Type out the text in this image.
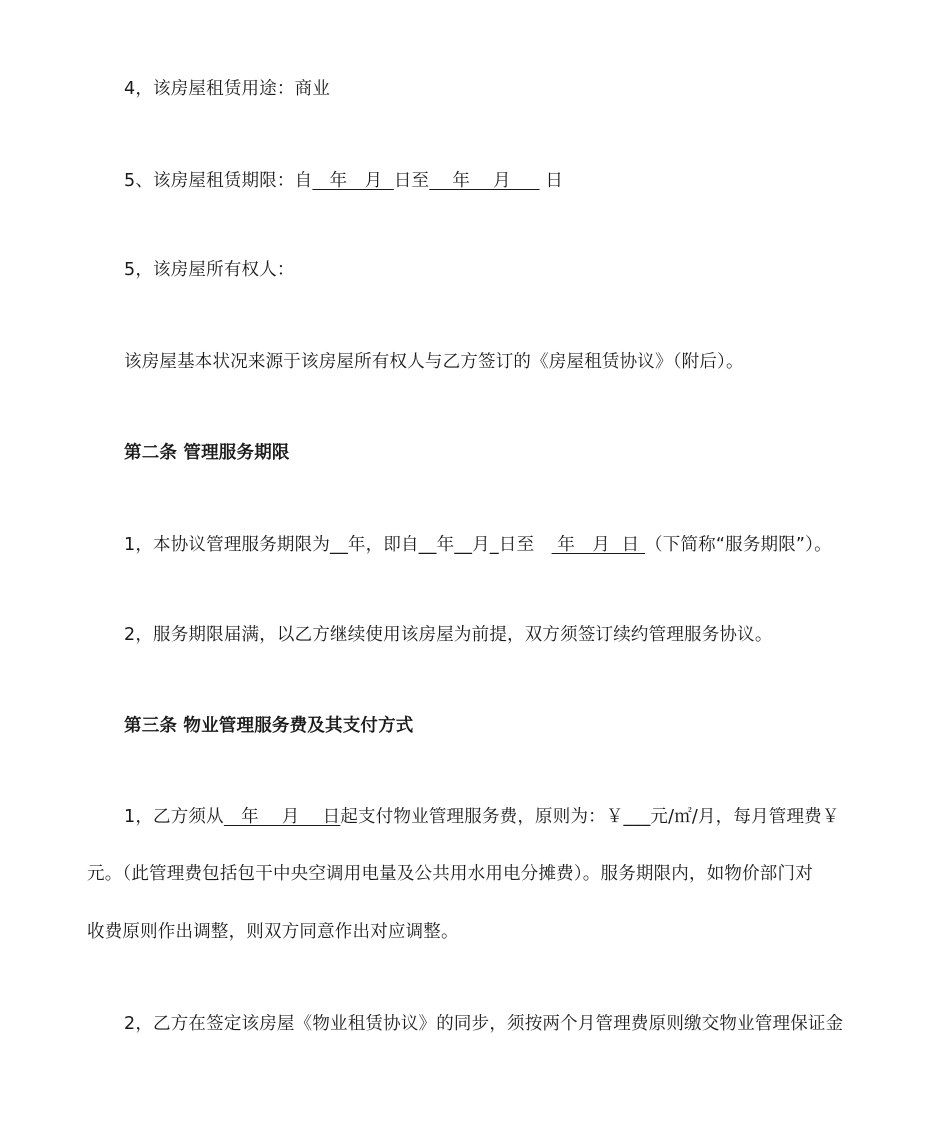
4，该房屋租赁用途：商业
5、该房屋租赁期限：自   年   月  日至    年    月      日
5，该房屋所有权人：
该房屋基本状况来源于该房屋所有权人与乙方签订的《房屋租赁协议》（附后）。
第二条 管理服务期限
1，本协议管理服务期限为__年，即自__年__月_日至    年   月  日 （下简称“服务期限”）。
2，服务期限届满，以乙方继续使用该房屋为前提，双方须签订续约管理服务协议。
第三条 物业管理服务费及其支付方式
1，乙方须从   年    月    日起支付物业管理服务费，原则为：￥___元/㎡/月，每月管理费￥
元。（此管理费包括包干中央空调用电量及公共用水用电分摊费）。服务期限内，如物价部门对
收费原则作出调整，则双方同意作出对应调整。
2，乙方在签定该房屋《物业租赁协议》的同步，须按两个月管理费原则缴交物业管理保证金
